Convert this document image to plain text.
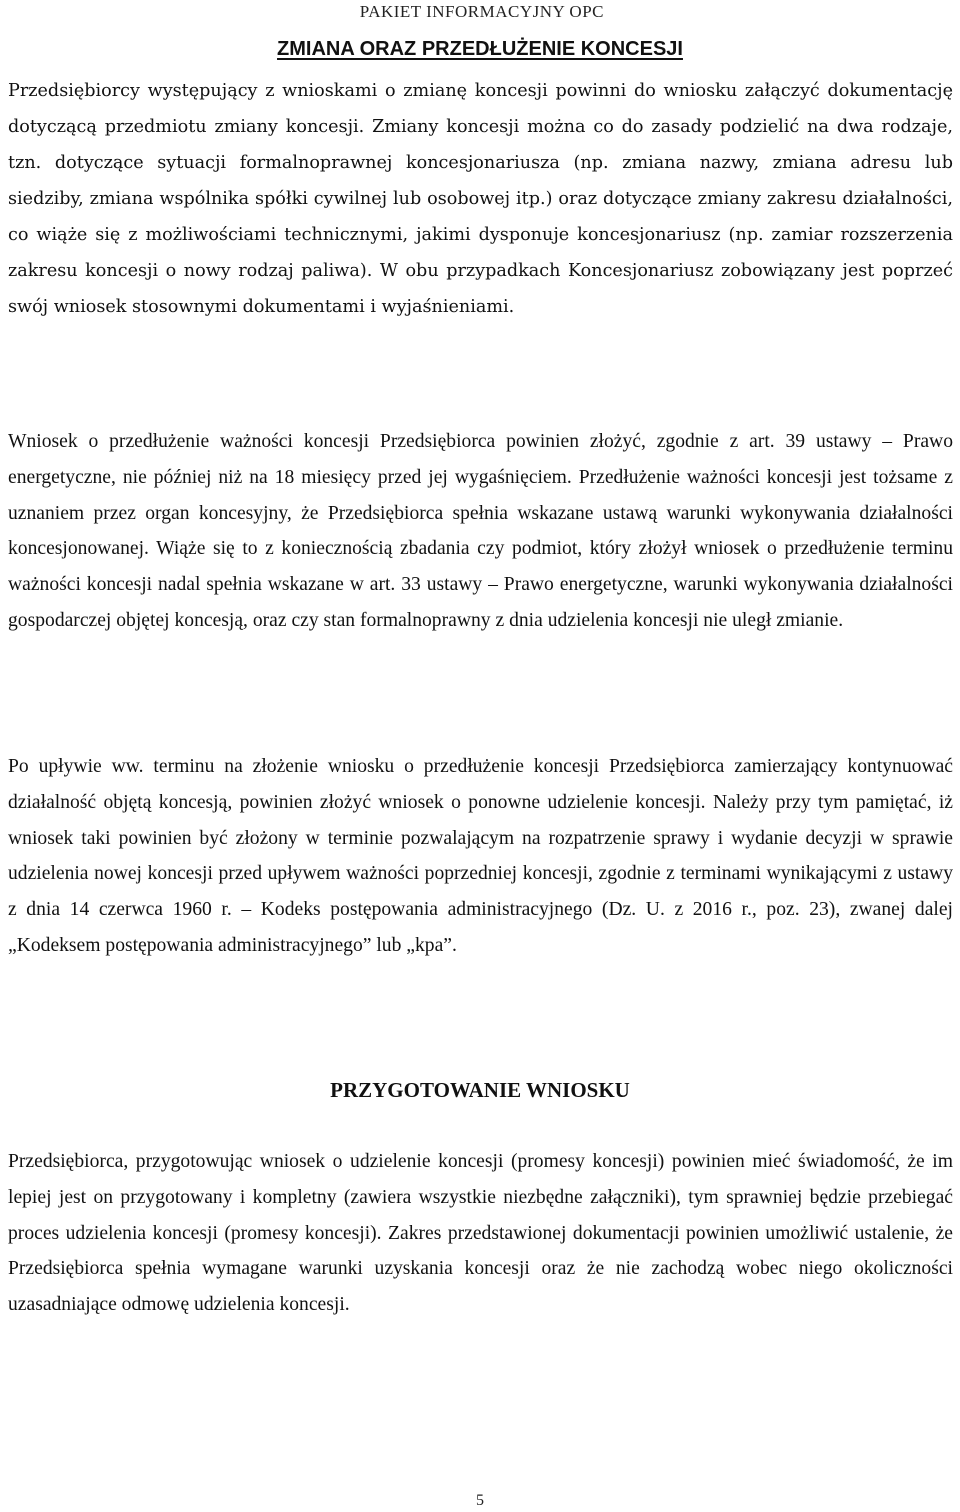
PAKIET INFORMACYJNY OPC
ZMIANA ORAZ PRZEDŁUŻENIE KONCESJI
Przedsiębiorcy występujący z wnioskami o zmianę koncesji powinni do wniosku załączyć dokumentację dotyczącą przedmiotu zmiany koncesji. Zmiany koncesji można co do zasady podzielić na dwa rodzaje, tzn. dotyczące sytuacji formalnoprawnej koncesjonariusza (np. zmiana nazwy, zmiana adresu lub siedziby, zmiana wspólnika spółki cywilnej lub osobowej itp.) oraz dotyczące zmiany zakresu działalności, co wiąże się z możliwościami technicznymi, jakimi dysponuje koncesjonariusz (np. zamiar rozszerzenia zakresu koncesji o nowy rodzaj paliwa). W obu przypadkach Koncesjonariusz zobowiązany jest poprzeć swój wniosek stosownymi dokumentami i wyjaśnieniami.
Wniosek o przedłużenie ważności koncesji Przedsiębiorca powinien złożyć, zgodnie z art. 39 ustawy – Prawo energetyczne, nie później niż na 18 miesięcy przed jej wygaśnięciem. Przedłużenie ważności koncesji jest tożsame z uznaniem przez organ koncesyjny, że Przedsiębiorca spełnia wskazane ustawą warunki wykonywania działalności koncesjonowanej. Wiąże się to z koniecznością zbadania czy podmiot, który złożył wniosek o przedłużenie terminu ważności koncesji nadal spełnia wskazane w art. 33 ustawy – Prawo energetyczne, warunki wykonywania działalności gospodarczej objętej koncesją, oraz czy stan formalnoprawny z dnia udzielenia koncesji nie uległ zmianie.
Po upływie ww. terminu na złożenie wniosku o przedłużenie koncesji Przedsiębiorca zamierzający kontynuować działalność objętą koncesją, powinien złożyć wniosek o ponowne udzielenie koncesji. Należy przy tym pamiętać, iż wniosek taki powinien być złożony w terminie pozwalającym na rozpatrzenie sprawy i wydanie decyzji w sprawie udzielenia nowej koncesji przed upływem ważności poprzedniej koncesji, zgodnie z terminami wynikającymi z ustawy z dnia 14 czerwca 1960 r. – Kodeks postępowania administracyjnego (Dz. U. z 2016 r., poz. 23), zwanej dalej „Kodeksem postępowania administracyjnego” lub „kpa”.
PRZYGOTOWANIE WNIOSKU
Przedsiębiorca, przygotowując wniosek o udzielenie koncesji (promesy koncesji) powinien mieć świadomość, że im lepiej jest on przygotowany i kompletny (zawiera wszystkie niezbędne załączniki), tym sprawniej będzie przebiegać proces udzielenia koncesji (promesy koncesji). Zakres przedstawionej dokumentacji powinien umożliwić ustalenie, że Przedsiębiorca spełnia wymagane warunki uzyskania koncesji oraz że nie zachodzą wobec niego okoliczności uzasadniające odmowę udzielenia koncesji.
5
